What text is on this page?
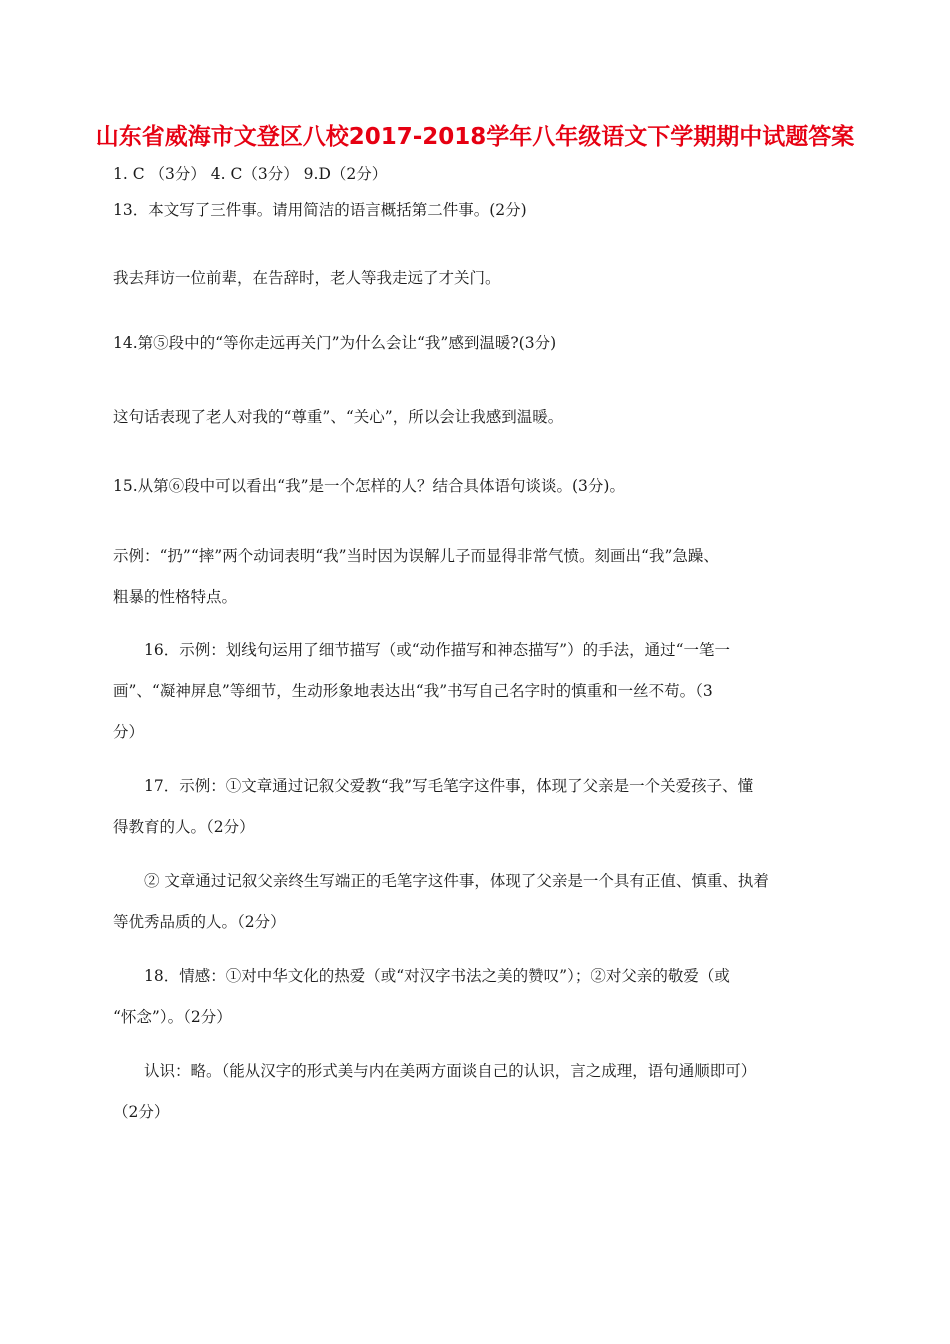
山东省威海市文登区八校2017-2018学年八年级语文下学期期中试题答案
1. C （3分） 4. C（3分） 9.D（2分）
13．本文写了三件事。请用简洁的语言概括第二件事。(2分)
我去拜访一位前辈，在告辞时，老人等我走远了才关门。
14.第⑤段中的“等你走远再关门”为什么会让“我”感到温暖?(3分)
这句话表现了老人对我的“尊重”、“关心”，所以会让我感到温暖。
15.从第⑥段中可以看出“我”是一个怎样的人？结合具体语句谈谈。(3分)。
示例：“扔”“摔”两个动词表明“我”当时因为误解儿子而显得非常气愤。刻画出“我”急躁、
粗暴的性格特点。
16．示例：划线句运用了细节描写（或“动作描写和神态描写”）的手法，通过“一笔一
画”、“凝神屏息”等细节，生动形象地表达出“我”书写自己名字时的慎重和一丝不苟。（3
分）
17．示例：①文章通过记叙父爱教“我”写毛笔字这件事，体现了父亲是一个关爱孩子、懂
得教育的人。（2分）
② 文章通过记叙父亲终生写端正的毛笔字这件事，体现了父亲是一个具有正值、慎重、执着
等优秀品质的人。（2分）
18．情感：①对中华文化的热爱（或“对汉字书法之美的赞叹”）；②对父亲的敬爱（或
“怀念”）。（2分）
认识：略。（能从汉字的形式美与内在美两方面谈自己的认识，言之成理，语句通顺即可）
（2分）
